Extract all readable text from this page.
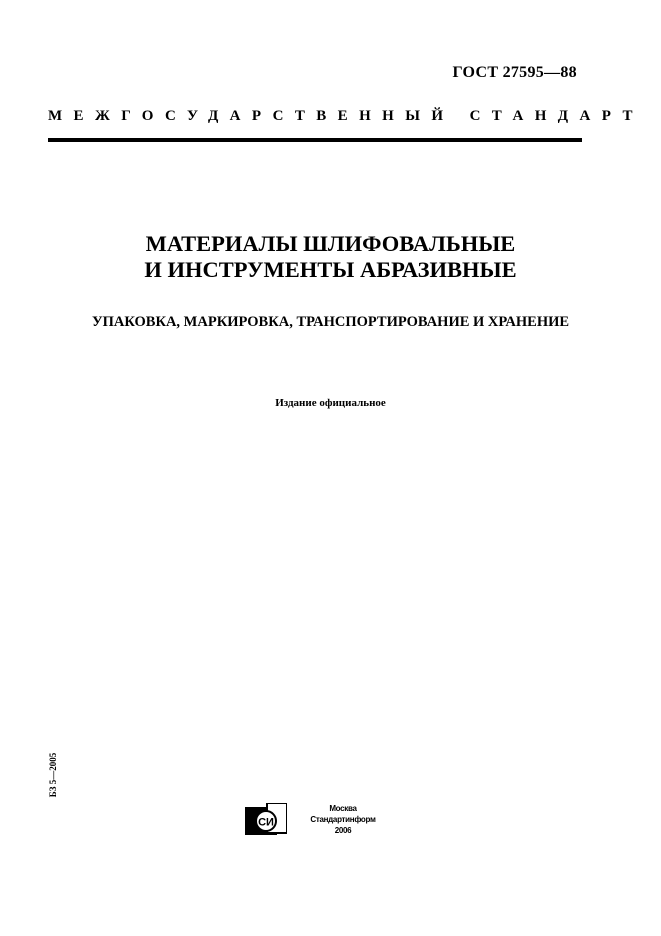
ГОСТ 27595—88
МЕЖГОСУДАРСТВЕННЫЙ СТАНДАРТ
МАТЕРИАЛЫ ШЛИФОВАЛЬНЫЕ
И ИНСТРУМЕНТЫ АБРАЗИВНЫЕ
УПАКОВКА, МАРКИРОВКА, ТРАНСПОРТИРОВАНИЕ И ХРАНЕНИЕ
Издание официальное
БЗ 5—2005
СИ
Москва
Стандартинформ
2006
